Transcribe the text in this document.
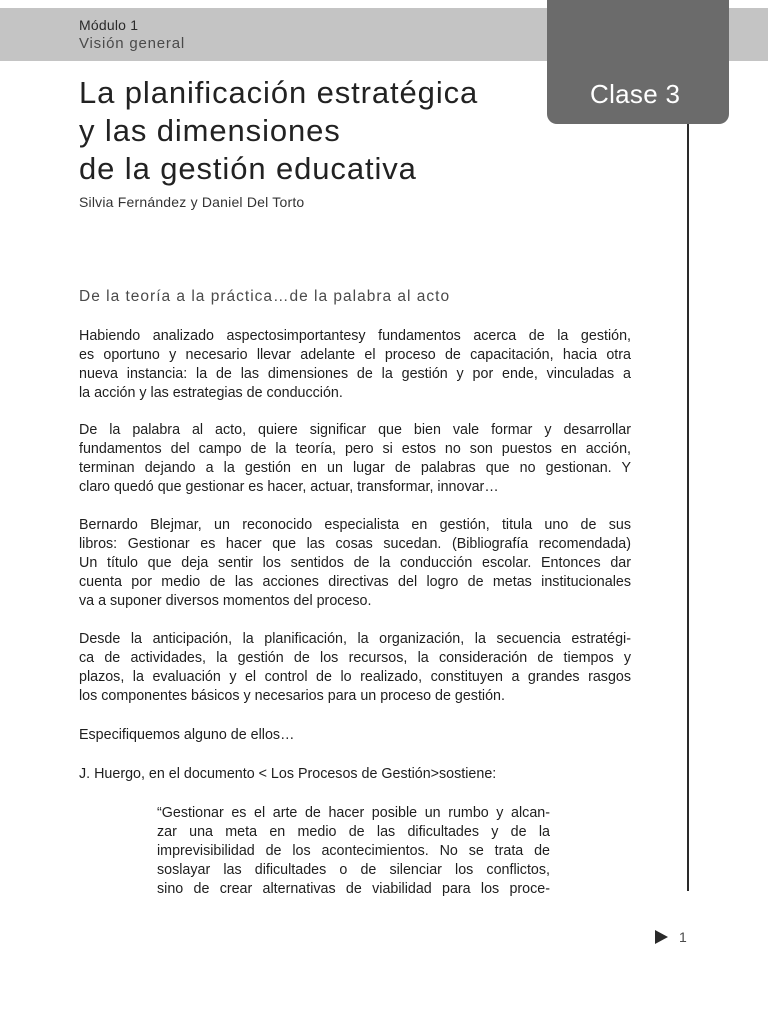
Módulo 1
Visión general
Clase 3
La planificación estratégica
y las dimensiones
de la gestión educativa
Silvia Fernández y Daniel Del Torto
De la teoría a la práctica…de la palabra al acto
Habiendo analizado aspectosimportantesy fundamentos acerca de la gestión,
es oportuno y necesario llevar adelante el proceso de capacitación, hacia otra
nueva instancia: la de las dimensiones de la gestión y por ende, vinculadas a
la acción y las estrategias de conducción.
De la palabra al acto, quiere significar que bien vale formar y desarrollar
fundamentos del campo de la teoría, pero si estos no son puestos en acción,
terminan dejando a la gestión en un lugar de palabras que no gestionan. Y
claro quedó que gestionar es hacer, actuar, transformar, innovar…
Bernardo Blejmar, un reconocido especialista en gestión, titula uno de sus
libros: Gestionar es hacer que las cosas sucedan. (Bibliografía recomendada)
Un título que deja sentir los sentidos de la conducción escolar. Entonces dar
cuenta por medio de las acciones directivas del logro de metas institucionales
va a suponer diversos momentos del proceso.
Desde la anticipación, la planificación, la organización, la secuencia estratégi-
ca de actividades, la gestión de los recursos, la consideración de tiempos y
plazos, la evaluación y el control de lo realizado, constituyen a grandes rasgos
los componentes básicos y necesarios para un proceso de gestión.
Especifiquemos alguno de ellos…
J. Huergo, en el documento < Los Procesos de Gestión>sostiene:
“Gestionar es el arte de hacer posible un rumbo y alcan-
zar una meta en medio de las dificultades y de la
imprevisibilidad de los acontecimientos. No se trata de
soslayar las dificultades o de silenciar los conflictos,
sino de crear alternativas de viabilidad para los proce-
1
